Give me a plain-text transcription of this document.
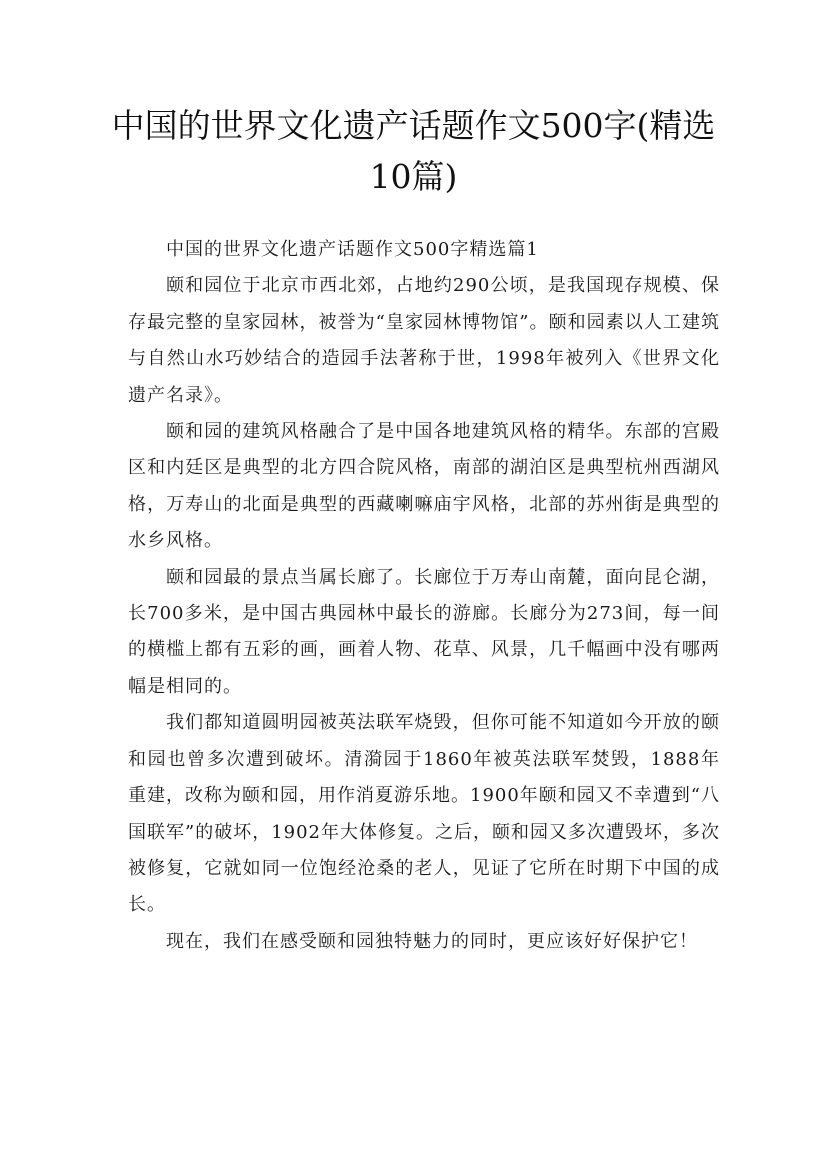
中国的世界文化遗产话题作文500字(精选
10篇)

中国的世界文化遗产话题作文500字精选篇1

颐和园位于北京市西北郊，占地约290公顷，是我国现存规模、保存最完整的皇家园林，被誉为“皇家园林博物馆”。颐和园素以人工建筑与自然山水巧妙结合的造园手法著称于世，1998年被列入《世界文化遗产名录》。

颐和园的建筑风格融合了是中国各地建筑风格的精华。东部的宫殿区和内廷区是典型的北方四合院风格，南部的湖泊区是典型杭州西湖风格，万寿山的北面是典型的西藏喇嘛庙宇风格，北部的苏州街是典型的水乡风格。

颐和园最的景点当属长廊了。长廊位于万寿山南麓，面向昆仑湖，长700多米，是中国古典园林中最长的游廊。长廊分为273间，每一间的横槛上都有五彩的画，画着人物、花草、风景，几千幅画中没有哪两幅是相同的。

我们都知道圆明园被英法联军烧毁，但你可能不知道如今开放的颐和园也曾多次遭到破坏。清漪园于1860年被英法联军焚毁，1888年重建，改称为颐和园，用作消夏游乐地。1900年颐和园又不幸遭到“八国联军”的破坏，1902年大体修复。之后，颐和园又多次遭毁坏，多次被修复，它就如同一位饱经沧桑的老人，见证了它所在时期下中国的成长。

现在，我们在感受颐和园独特魅力的同时，更应该好好保护它！
